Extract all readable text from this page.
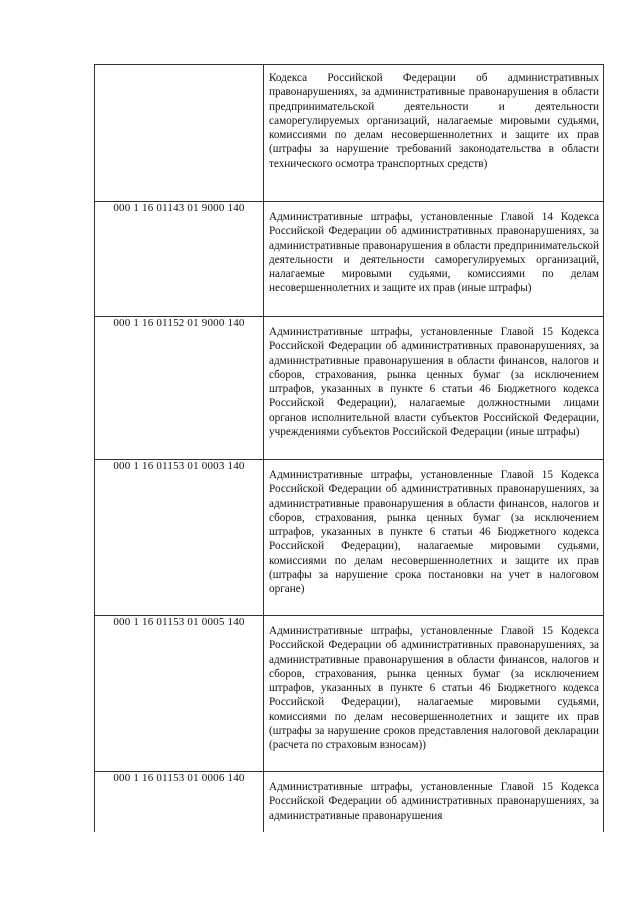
	Кодекса Российской Федерации об административных правонарушениях, за административные правонарушения в области предпринимательской деятельности и деятельности саморегулируемых организаций, налагаемые мировыми судьями, комиссиями по делам несовершеннолетних и защите их прав (штрафы за нарушение требований законодательства в области технического осмотра транспортных средств)

000 1 16 01143 01 9000 140	Административные штрафы, установленные Главой 14 Кодекса Российской Федерации об административных правонарушениях, за административные правонарушения в области предпринимательской деятельности и деятельности саморегулируемых организаций, налагаемые мировыми судьями, комиссиями по делам несовершеннолетних и защите их прав (иные штрафы)

000 1 16 01152 01 9000 140	Административные штрафы, установленные Главой 15 Кодекса Российской Федерации об административных правонарушениях, за административные правонарушения в области финансов, налогов и сборов, страхования, рынка ценных бумаг (за исключением штрафов, указанных в пункте 6 статьи 46 Бюджетного кодекса Российской Федерации), налагаемые должностными лицами органов исполнительной власти субъектов Российской Федерации, учреждениями субъектов Российской Федерации (иные штрафы)

000 1 16 01153 01 0003 140	Административные штрафы, установленные Главой 15 Кодекса Российской Федерации об административных правонарушениях, за административные правонарушения в области финансов, налогов и сборов, страхования, рынка ценных бумаг (за исключением штрафов, указанных в пункте 6 статьи 46 Бюджетного кодекса Российской Федерации), налагаемые мировыми судьями, комиссиями по делам несовершеннолетних и защите их прав (штрафы за нарушение срока постановки на учет в налоговом органе)

000 1 16 01153 01 0005 140	Административные штрафы, установленные Главой 15 Кодекса Российской Федерации об административных правонарушениях, за административные правонарушения в области финансов, налогов и сборов, страхования, рынка ценных бумаг (за исключением штрафов, указанных в пункте 6 статьи 46 Бюджетного кодекса Российской Федерации), налагаемые мировыми судьями, комиссиями по делам несовершеннолетних и защите их прав (штрафы за нарушение сроков представления налоговой декларации (расчета по страховым взносам))

000 1 16 01153 01 0006 140	Административные штрафы, установленные Главой 15 Кодекса Российской Федерации об административных правонарушениях, за административные правонарушения
